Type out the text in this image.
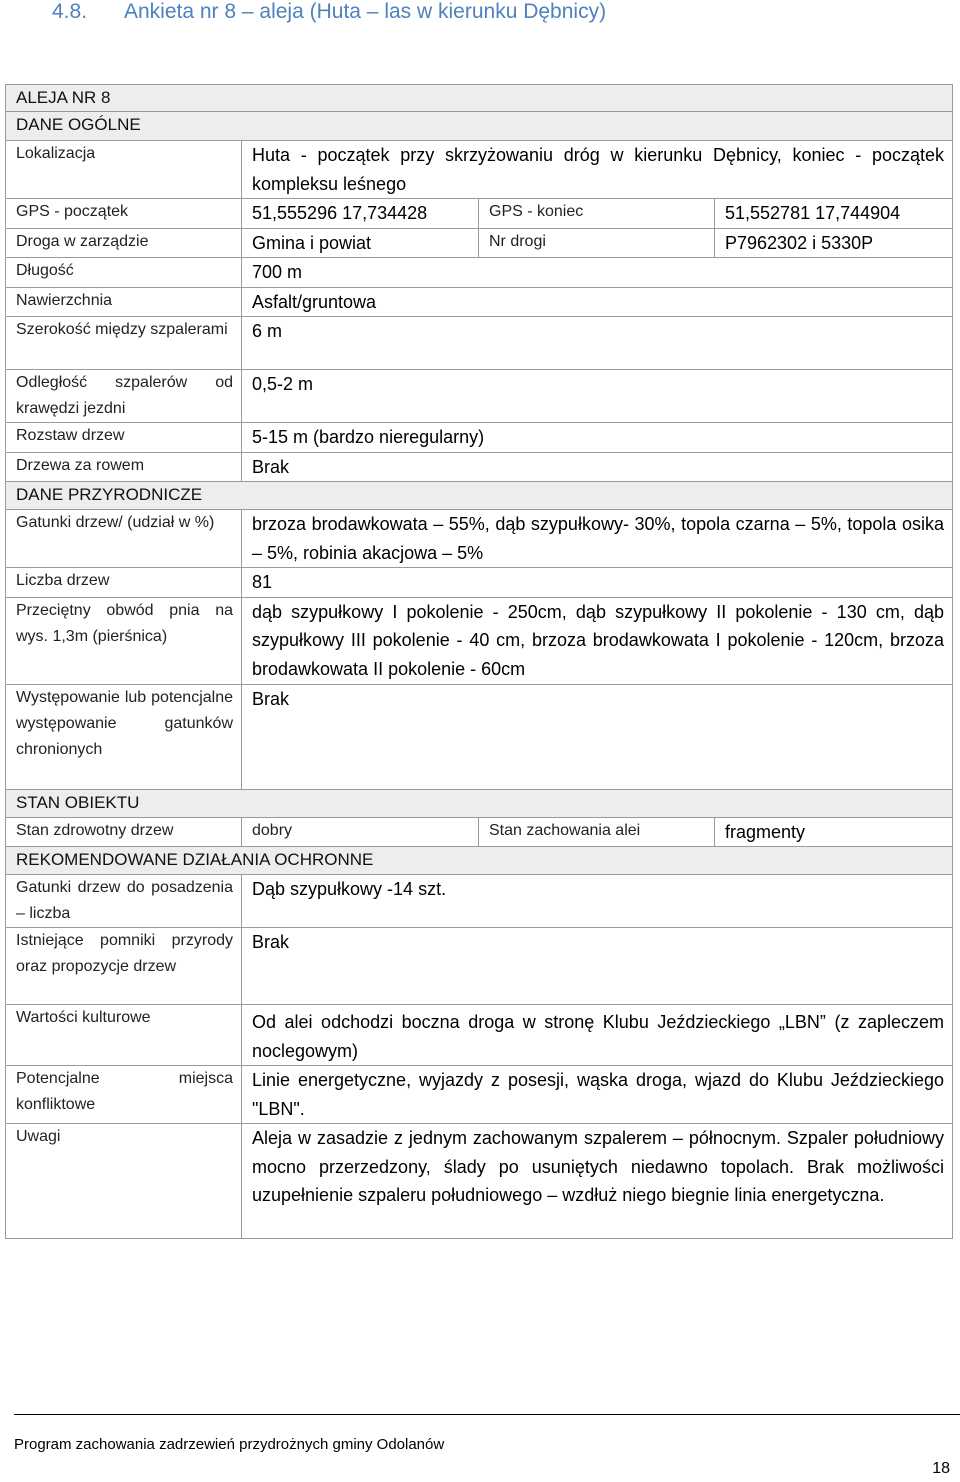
4.8. Ankieta nr 8 – aleja (Huta – las w kierunku Dębnicy)
ALEJA NR 8			
DANE OGÓLNE			
Lokalizacja	Huta - początek przy skrzyżowaniu dróg w kierunku Dębnicy, koniec - początek kompleksu leśnego		
GPS - początek	51,555296 17,734428	GPS - koniec	51,552781 17,744904
Droga w zarządzie	Gmina i powiat	Nr drogi	P7962302 i 5330P
Długość	700 m		
Nawierzchnia	Asfalt/gruntowa		
Szerokość między szpalerami	6 m		
Odległość szpalerów od krawędzi jezdni	0,5-2 m		
Rozstaw drzew	5-15 m (bardzo nieregularny)		
Drzewa za rowem	Brak		
DANE PRZYRODNICZE			
Gatunki drzew/ (udział w %)	brzoza brodawkowata – 55%, dąb szypułkowy- 30%, topola czarna – 5%, topola osika – 5%, robinia akacjowa – 5%		
Liczba drzew	81		
Przeciętny obwód pnia na wys. 1,3m (pierśnica)	dąb szypułkowy I pokolenie - 250cm, dąb szypułkowy II pokolenie - 130 cm, dąb szypułkowy III pokolenie - 40 cm, brzoza brodawkowata I pokolenie - 120cm, brzoza brodawkowata II pokolenie - 60cm		
Występowanie lub potencjalne występowanie gatunków chronionych	Brak		
STAN OBIEKTU			
Stan zdrowotny drzew	dobry	Stan zachowania alei	fragmenty
REKOMENDOWANE DZIAŁANIA OCHRONNE			
Gatunki drzew do posadzenia – liczba	Dąb szypułkowy -14 szt.		
Istniejące pomniki przyrody oraz propozycje drzew	Brak		
Wartości kulturowe	Od alei odchodzi boczna droga w stronę Klubu Jeździeckiego „LBN” (z zapleczem noclegowym)		
Potencjalne miejsca konfliktowe	Linie energetyczne, wyjazdy z posesji, wąska droga, wjazd do Klubu Jeździeckiego "LBN".		
Uwagi	Aleja w zasadzie z jednym zachowanym szpalerem – północnym. Szpaler południowy mocno przerzedzony, ślady po usuniętych niedawno topolach. Brak możliwości uzupełnienie szpaleru południowego – wzdłuż niego biegnie linia energetyczna.		
Program zachowania zadrzewień przydrożnych gminy Odolanów
18
